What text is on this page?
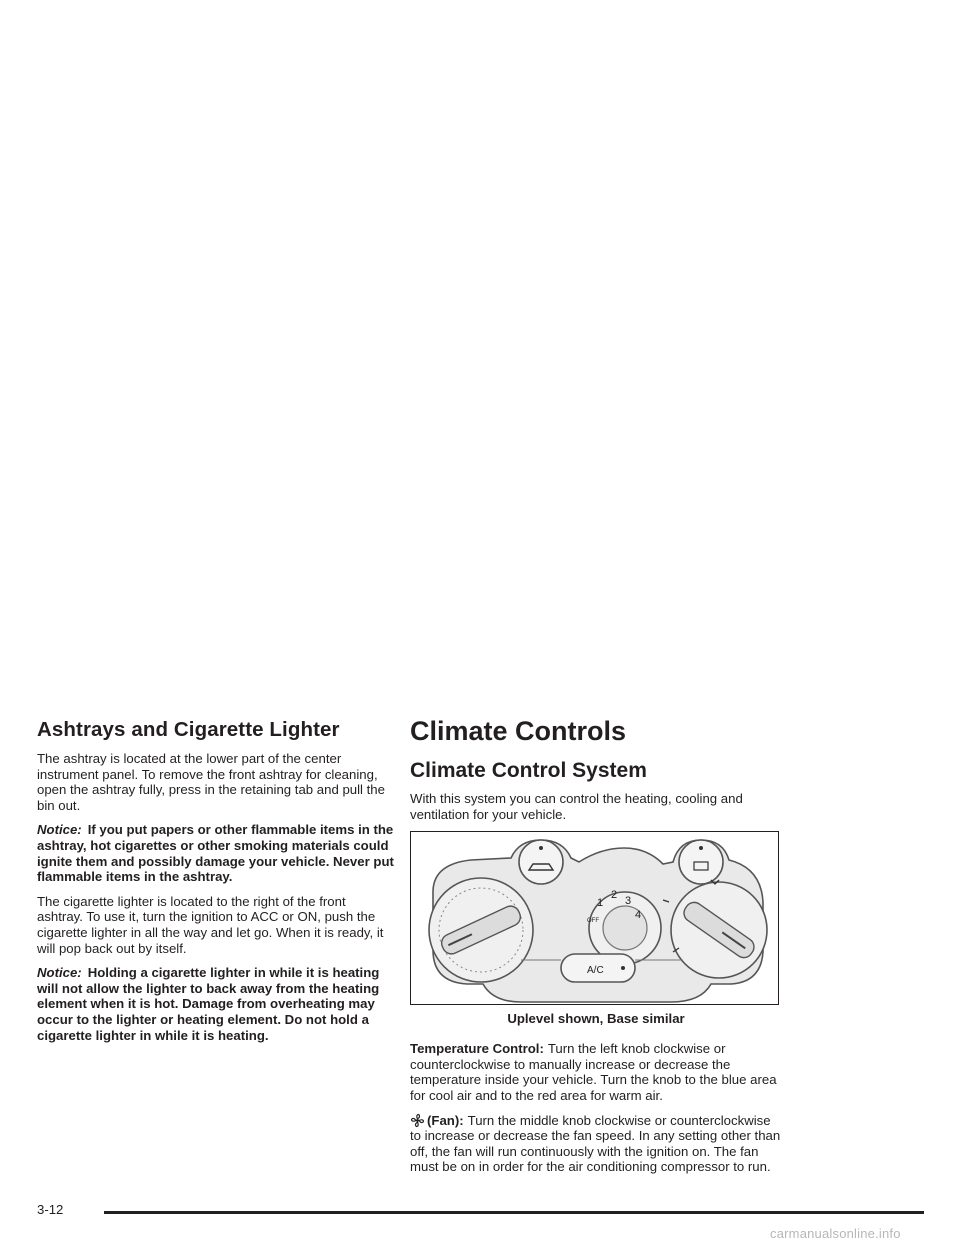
Ashtrays and Cigarette Lighter

The ashtray is located at the lower part of the center instrument panel. To remove the front ashtray for cleaning, open the ashtray fully, press in the retaining tab and pull the bin out.

Notice: If you put papers or other flammable items in the ashtray, hot cigarettes or other smoking materials could ignite them and possibly damage your vehicle. Never put flammable items in the ashtray.

The cigarette lighter is located to the right of the front ashtray. To use it, turn the ignition to ACC or ON, push the cigarette lighter in all the way and let go. When it is ready, it will pop back out by itself.

Notice: Holding a cigarette lighter in while it is heating will not allow the lighter to back away from the heating element when it is hot. Damage from overheating may occur to the lighter or heating element. Do not hold a cigarette lighter in while it is heating.

Climate Controls
Climate Control System

With this system you can control the heating, cooling and ventilation for your vehicle.

1
2 3
4
OFF
A/C
Uplevel shown, Base similar

Temperature Control: Turn the left knob clockwise or counterclockwise to manually increase or decrease the temperature inside your vehicle. Turn the knob to the blue area for cool air and to the red area for warm air.

(Fan): Turn the middle knob clockwise or counterclockwise to increase or decrease the fan speed. In any setting other than off, the fan will run continuously with the ignition on. The fan must be on in order for the air conditioning compressor to run.

3-12
carmanualsonline.info
